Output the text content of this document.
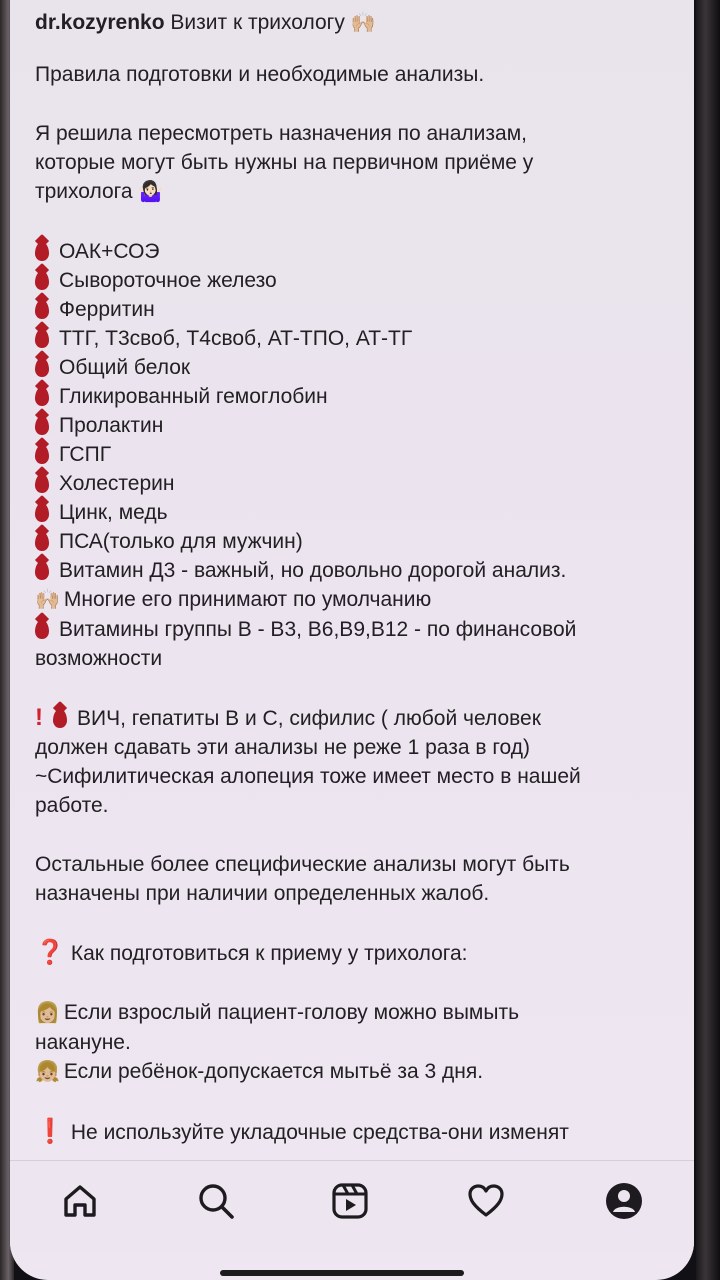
dr.kozyrenko Визит к трихологу 🙌🏼

Правила подготовки и необходимые анализы.

Я решила пересмотреть назначения по анализам,

которые могут быть нужны на первичном приёме у

трихолога 🤷🏻‍♀️

ОАК+СОЭ

Сывороточное железо

Ферритин

ТТГ, Т3своб, Т4своб, АТ-ТПО, АТ-ТГ

Общий белок

Гликированный гемоглобин

Пролактин

ГСПГ

Холестерин

Цинк, медь

ПСА(только для мужчин)

Витамин Д3 - важный, но довольно дорогой анализ.

🙌🏼 Многие его принимают по умолчанию

Витамины группы В - В3, В6,В9,В12 - по финансовой

возможности

! ВИЧ, гепатиты В и С, сифилис ( любой человек

должен сдавать эти анализы не реже 1 раза в год)

~Сифилитическая алопеция тоже имеет место в нашей

работе.

Остальные более специфические анализы могут быть

назначены при наличии определенных жалоб.

❓ Как подготовиться к приему у трихолога:

👩🏼 Если взрослый пациент-голову можно вымыть

накануне.

👧🏼 Если ребёнок-допускается мытьё за 3 дня.

❗ Не используйте укладочные средства-они изменят
